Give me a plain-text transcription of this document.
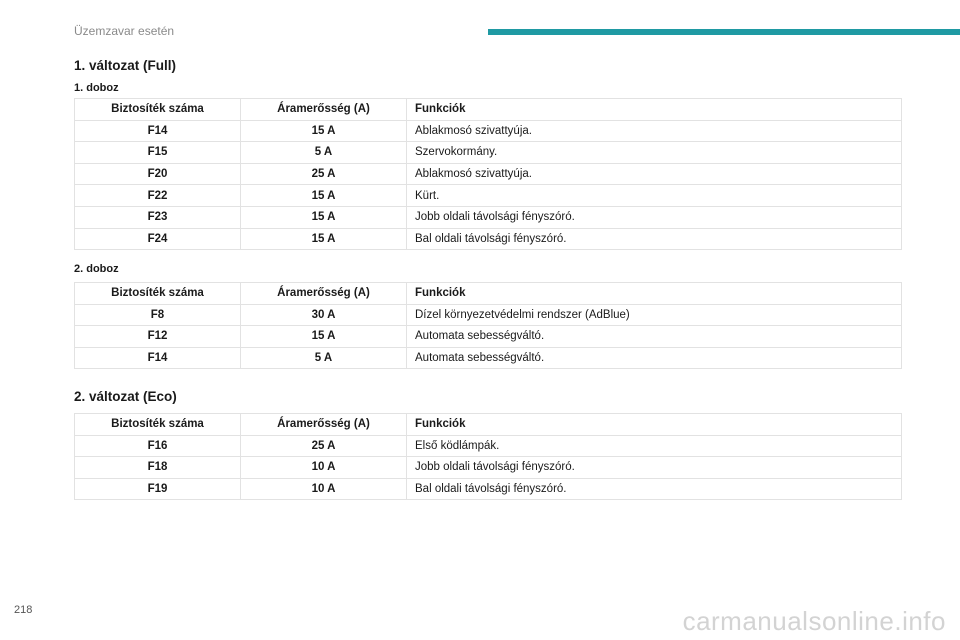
Üzemzavar esetén
1. változat (Full)
1. doboz
Biztosíték száma	Áramerősség (A)	Funkciók
F14	15 A	Ablakmosó szivattyúja.
F15	5 A	Szervokormány.
F20	25 A	Ablakmosó szivattyúja.
F22	15 A	Kürt.
F23	15 A	Jobb oldali távolsági fényszóró.
F24	15 A	Bal oldali távolsági fényszóró.
2. doboz
Biztosíték száma	Áramerősség (A)	Funkciók
F8	30 A	Dízel környezetvédelmi rendszer (AdBlue)
F12	15 A	Automata sebességváltó.
F14	5 A	Automata sebességváltó.
2. változat (Eco)
Biztosíték száma	Áramerősség (A)	Funkciók
F16	25 A	Első ködlámpák.
F18	10 A	Jobb oldali távolsági fényszóró.
F19	10 A	Bal oldali távolsági fényszóró.
218	carmanualsonline.info
